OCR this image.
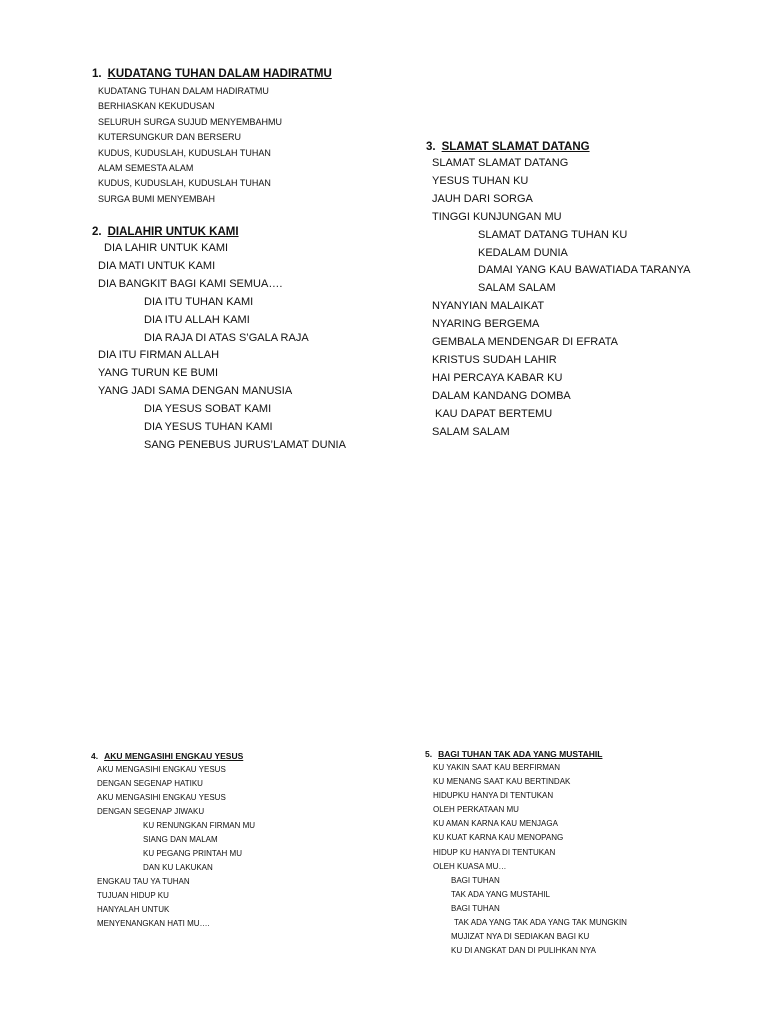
1. KUDATANG TUHAN DALAM HADIRATMU
KUDATANG TUHAN DALAM HADIRATMU
BERHIASKAN KEKUDUSAN
SELURUH SURGA SUJUD MENYEMBAHMU
KUTERSUNGKUR DAN BERSERU
KUDUS, KUDUSLAH, KUDUSLAH TUHAN
ALAM SEMESTA ALAM
KUDUS, KUDUSLAH, KUDUSLAH TUHAN
SURGA BUMI MENYEMBAH
2. DIALAHIR UNTUK KAMI
DIA LAHIR UNTUK KAMI
DIA MATI UNTUK KAMI
DIA BANGKIT BAGI KAMI SEMUA….
DIA ITU TUHAN KAMI
DIA ITU ALLAH KAMI
DIA RAJA DI ATAS S’GALA RAJA
DIA ITU FIRMAN ALLAH
YANG TURUN KE BUMI
YANG JADI SAMA DENGAN MANUSIA
DIA YESUS SOBAT KAMI
DIA YESUS TUHAN KAMI
SANG PENEBUS JURUS’LAMAT DUNIA
3. SLAMAT SLAMAT DATANG
SLAMAT SLAMAT DATANG
YESUS TUHAN KU
JAUH DARI SORGA
TINGGI KUNJUNGAN MU
SLAMAT DATANG TUHAN KU
KEDALAM DUNIA
DAMAI YANG KAU BAWATIADA TARANYA
SALAM SALAM
NYANYIAN MALAIKAT
NYARING BERGEMA
GEMBALA MENDENGAR DI EFRATA
KRISTUS SUDAH LAHIR
HAI PERCAYA KABAR KU
DALAM KANDANG DOMBA
KAU DAPAT BERTEMU
SALAM SALAM
4. AKU MENGASIHI ENGKAU YESUS
AKU MENGASIHI ENGKAU YESUS
DENGAN SEGENAP HATIKU
AKU MENGASIHI ENGKAU YESUS
DENGAN SEGENAP JIWAKU
KU RENUNGKAN FIRMAN MU
SIANG DAN MALAM
KU PEGANG PRINTAH MU
DAN KU LAKUKAN
ENGKAU TAU YA TUHAN
TUJUAN HIDUP KU
HANYALAH UNTUK
MENYENANGKAN HATI MU….
5. BAGI TUHAN TAK ADA YANG MUSTAHIL
KU YAKIN SAAT KAU BERFIRMAN
KU MENANG SAAT KAU BERTINDAK
HIDUPKU HANYA DI TENTUKAN
OLEH PERKATAAN MU
KU AMAN KARNA KAU MENJAGA
KU KUAT KARNA KAU MENOPANG
HIDUP KU HANYA DI TENTUKAN
OLEH KUASA MU…
BAGI TUHAN
TAK ADA YANG MUSTAHIL
BAGI TUHAN
TAK ADA YANG TAK ADA YANG TAK MUNGKIN
MUJIZAT NYA DI SEDIAKAN BAGI KU
KU DI ANGKAT DAN DI PULIHKAN NYA
